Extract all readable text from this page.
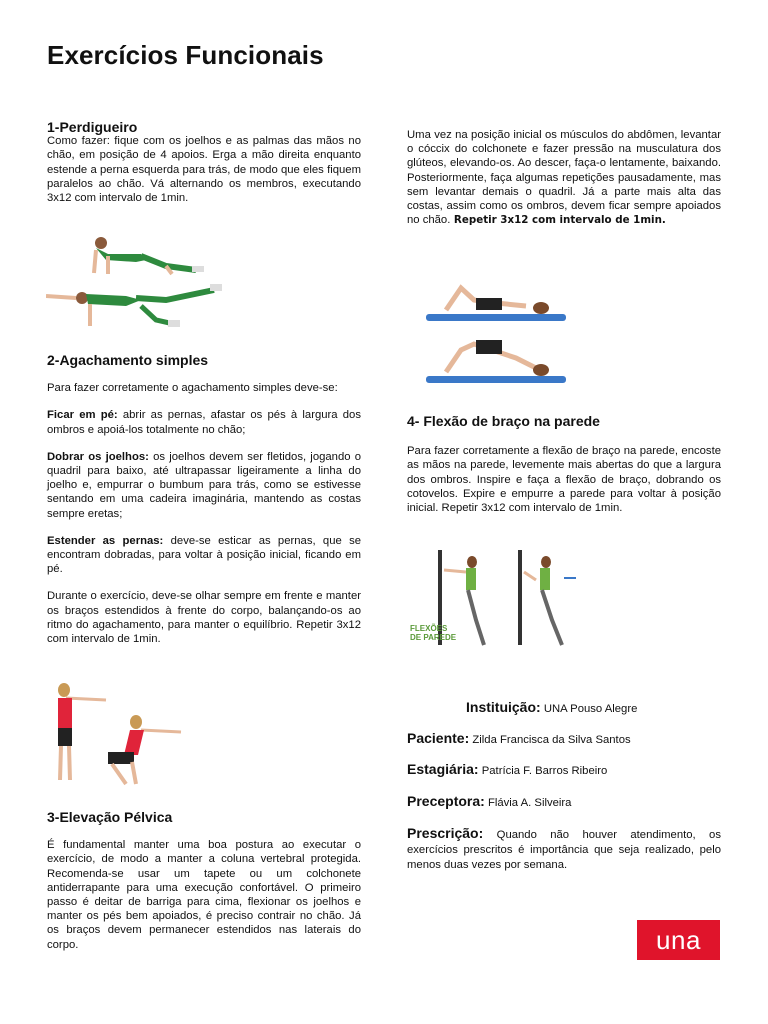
Exercícios Funcionais
1-Perdigueiro

Como fazer: fique com os joelhos e as palmas das mãos no chão, em posição de 4 apoios. Erga a mão direita enquanto estende a perna esquerda para trás, de modo que eles fiquem paralelos ao chão. Vá alternando os membros, executando 3x12 com intervalo de 1min.

2-Agachamento simples

Para fazer corretamente o agachamento simples deve-se:

Ficar em pé: abrir as pernas, afastar os pés à largura dos ombros e apoiá-los totalmente no chão;

Dobrar os joelhos: os joelhos devem ser fletidos, jogando o quadril para baixo, até ultrapassar ligeiramente a linha do joelho e, empurrar o bumbum para trás, como se estivesse sentando em uma cadeira imaginária, mantendo as costas sempre eretas;

Estender as pernas: deve-se esticar as pernas, que se encontram dobradas, para voltar à posição inicial, ficando em pé.

Durante o exercício, deve-se olhar sempre em frente e manter os braços estendidos à frente do corpo, balançando-os ao ritmo do agachamento, para manter o equilíbrio. Repetir 3x12 com intervalo de 1min.

3-Elevação Pélvica

É fundamental manter uma boa postura ao executar o exercício, de modo a manter a coluna vertebral protegida. Recomenda-se usar um tapete ou um colchonete antiderrapante para uma execução confortável. O primeiro passo é deitar de barriga para cima, flexionar os joelhos e manter os pés bem apoiados, é preciso contrair no chão. Já os braços devem permanecer estendidos nas laterais do corpo.

Uma vez na posição inicial os músculos do abdômen, levantar o cóccix do colchonete e fazer pressão na musculatura dos glúteos, elevando-os. Ao descer, faça-o lentamente, baixando. Posteriormente, faça algumas repetições pausadamente, mas sem levantar demais o quadril. Já a parte mais alta das costas, assim como os ombros, devem ficar sempre apoiados no chão. Repetir 3x12 com intervalo de 1min.

4- Flexão de braço na parede

Para fazer corretamente a flexão de braço na parede, encoste as mãos na parede, levemente mais abertas do que a largura dos ombros. Inspire e faça a flexão de braço, dobrando os cotovelos. Expire e empurre a parede para voltar à posição inicial. Repetir 3x12 com intervalo de 1min.

FLEXÕES
DE PAREDE
Instituição: UNA Pouso Alegre
Paciente: Zilda Francisca da Silva Santos
Estagiária: Patrícia F. Barros Ribeiro
Preceptora: Flávia A. Silveira
Prescrição: Quando não houver atendimento, os exercícios prescritos é importância que seja realizado, pelo menos duas vezes por semana.
una
